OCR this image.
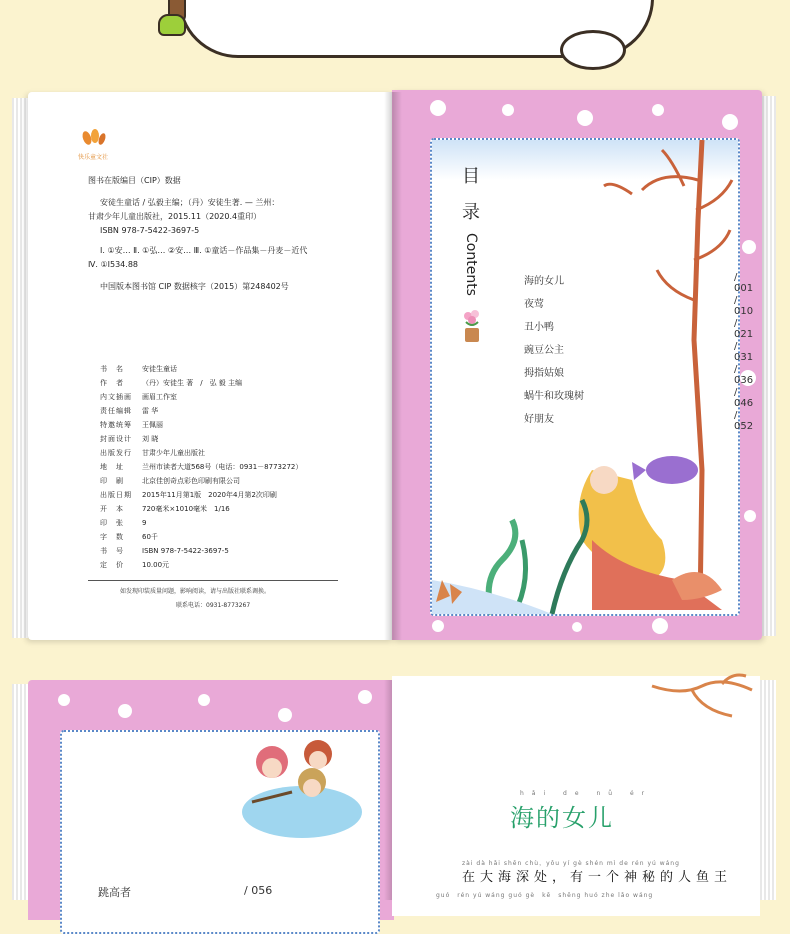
快乐童文社
图书在版编目（CIP）数据
安徒生童话 / 弘毅主编；（丹）安徒生著. — 兰州：
甘肃少年儿童出版社，2015.11（2020.4重印）
ISBN 978-7-5422-3697-5
Ⅰ. ①安… Ⅱ. ①弘… ②安… Ⅲ. ①童话－作品集－丹麦－近代
Ⅳ. ①I534.88
中国版本图书馆 CIP 数据核字（2015）第248402号
书　名	安徒生童话
作　者	（丹）安徒生 著　/　弘 毅 主编
内文插画 画眉工作室
责任编辑 雷 华
特邀统筹 王佩丽
封面设计 刘 晓
出版发行 甘肃少年儿童出版社
地　址	兰州市读者大道568号（电话：0931－8773272）
印　刷	北京佳创奇点彩色印刷有限公司
出版日期 2015年11月第1版　2020年4月第2次印刷
开　本	720毫米×1010毫米　1/16
印　张	9
字　数	60千
书　号	ISBN 978-7-5422-3697-5
定　价	10.00元
如发现印装质量问题，影响阅读，请与出版社联系调换。
联系电话：0931-8773267
目
录
Contents	海的女儿	/ 001
夜莺	/ 010
丑小鸭	/ 021
豌豆公主	/ 031
拇指姑娘	/ 036
蜗牛和玫瑰树	/ 046
好朋友	/ 052
跳高者	/ 056
hǎi de nǚ ér
海的女儿
zài dà hǎi shēn chù，yǒu yí gè shén mì de rén yú wáng
在大海深处，有一个神秘的人鱼王
guó　rén yú wáng guó gè　kē　shēng huó zhe lǎo wáng
